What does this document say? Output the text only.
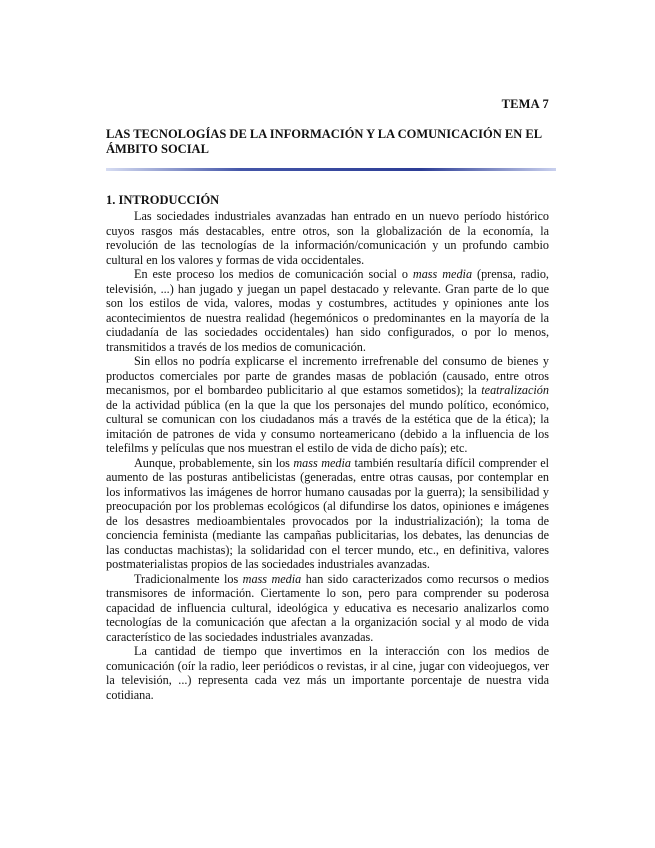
TEMA 7
LAS TECNOLOGÍAS DE LA INFORMACIÓN Y LA COMUNICACIÓN EN EL ÁMBITO SOCIAL
1. INTRODUCCIÓN

Las sociedades industriales avanzadas han entrado en un nuevo período histórico cuyos rasgos más destacables, entre otros, son la globalización de la economía, la revolución de las tecnologías de la información/comunicación y un profundo cambio cultural en los valores y formas de vida occidentales.

En este proceso los medios de comunicación social o mass media (prensa, radio, televisión, ...) han jugado y juegan un papel destacado y relevante. Gran parte de lo que son los estilos de vida, valores, modas y costumbres, actitudes y opiniones ante los acontecimientos de nuestra realidad (hegemónicos o predominantes en la mayoría de la ciudadanía de las sociedades occidentales) han sido configurados, o por lo menos, transmitidos a través de los medios de comunicación.

Sin ellos no podría explicarse el incremento irrefrenable del consumo de bienes y productos comerciales por parte de grandes masas de población (causado, entre otros mecanismos, por el bombardeo publicitario al que estamos sometidos); la teatralización de la actividad pública (en la que la que los personajes del mundo político, económico, cultural se comunican con los ciudadanos más a través de la estética que de la ética); la imitación de patrones de vida y consumo norteamericano (debido a la influencia de los telefilms y películas que nos muestran el estilo de vida de dicho país); etc.

Aunque, probablemente, sin los mass media también resultaría difícil comprender el aumento de las posturas antibelicistas (generadas, entre otras causas, por contemplar en los informativos las imágenes de horror humano causadas por la guerra); la sensibilidad y preocupación por los problemas ecológicos (al difundirse los datos, opiniones e imágenes de los desastres medioambientales provocados por la industrialización); la toma de conciencia feminista (mediante las campañas publicitarias, los debates, las denuncias de las conductas machistas); la solidaridad con el tercer mundo, etc., en definitiva, valores postmaterialistas propios de las sociedades industriales avanzadas.

Tradicionalmente los mass media han sido caracterizados como recursos o medios transmisores de información. Ciertamente lo son, pero para comprender su poderosa capacidad de influencia cultural, ideológica y educativa es necesario analizarlos como tecnologías de la comunicación que afectan a la organización social y al modo de vida característico de las sociedades industriales avanzadas.

La cantidad de tiempo que invertimos en la interacción con los medios de comunicación (oír la radio, leer periódicos o revistas, ir al cine, jugar con videojuegos, ver la televisión, ...) representa cada vez más un importante porcentaje de nuestra vida cotidiana.
